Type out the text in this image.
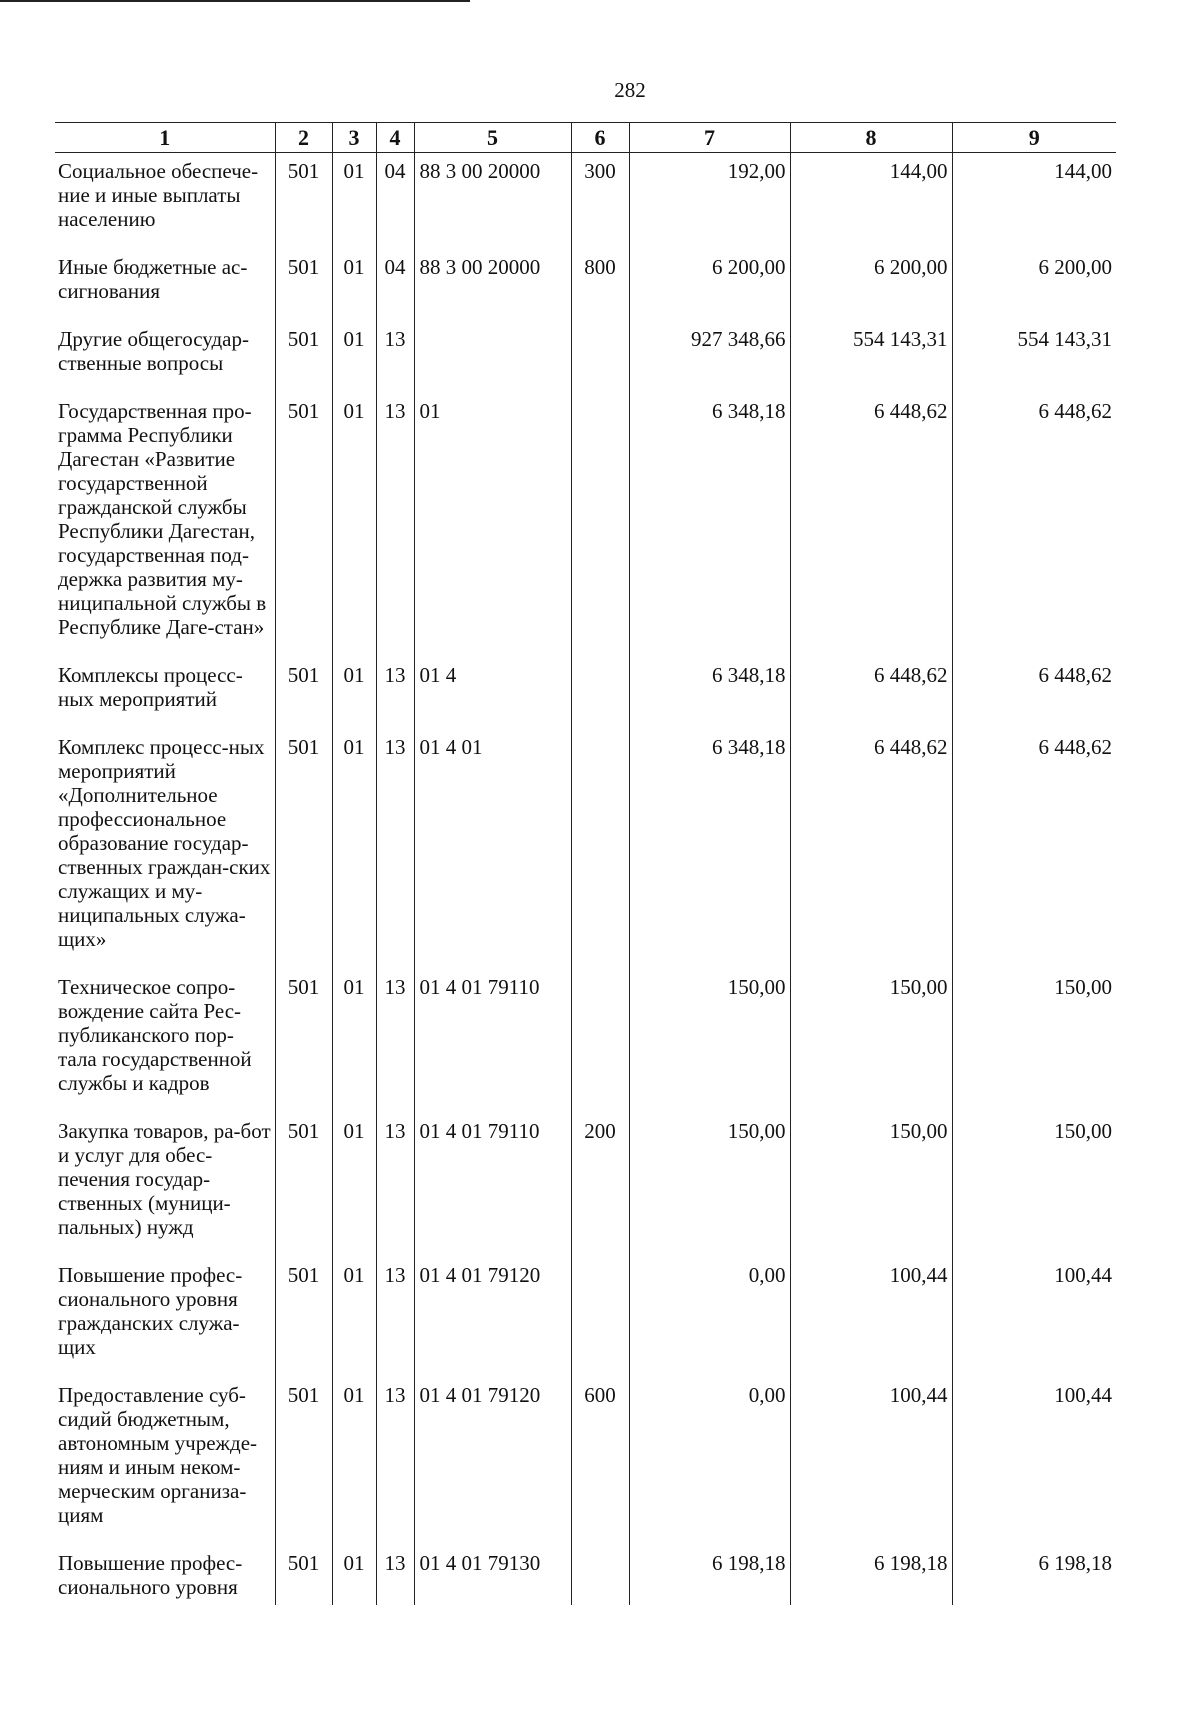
282
1	2	3	4	5	6	7	8	9
Социальное обеспече-ние и иные выплаты населению	501	01	04	88 3 00 20000	300	192,00	144,00	144,00
Иные бюджетные ас-сигнования	501	01	04	88 3 00 20000	800	6 200,00	6 200,00	6 200,00
Другие общегосудар-ственные вопросы	501	01	13			927 348,66	554 143,31	554 143,31
Государственная про-грамма Республики Дагестан «Развитие государственной гражданской службы Республики Дагестан, государственная под-держка развития му-ниципальной службы в Республике Даге-стан»	501	01	13	01		6 348,18	6 448,62	6 448,62
Комплексы процесс-ных мероприятий	501	01	13	01 4		6 348,18	6 448,62	6 448,62
Комплекс процесс-ных мероприятий «Дополнительное профессиональное образование государ-ственных граждан-ских служащих и му-ниципальных служа-щих»	501	01	13	01 4 01		6 348,18	6 448,62	6 448,62
Техническое сопро-вождение сайта Рес-публиканского пор-тала государственной службы и кадров	501	01	13	01 4 01 79110		150,00	150,00	150,00
Закупка товаров, ра-бот и услуг для обес-печения государ-ственных (муници-пальных) нужд	501	01	13	01 4 01 79110	200	150,00	150,00	150,00
Повышение профес-сионального уровня гражданских служа-щих	501	01	13	01 4 01 79120		0,00	100,44	100,44
Предоставление суб-сидий бюджетным, автономным учрежде-ниям и иным неком-мерческим организа-циям	501	01	13	01 4 01 79120	600	0,00	100,44	100,44
Повышение профес-сионального уровня	501	01	13	01 4 01 79130		6 198,18	6 198,18	6 198,18
